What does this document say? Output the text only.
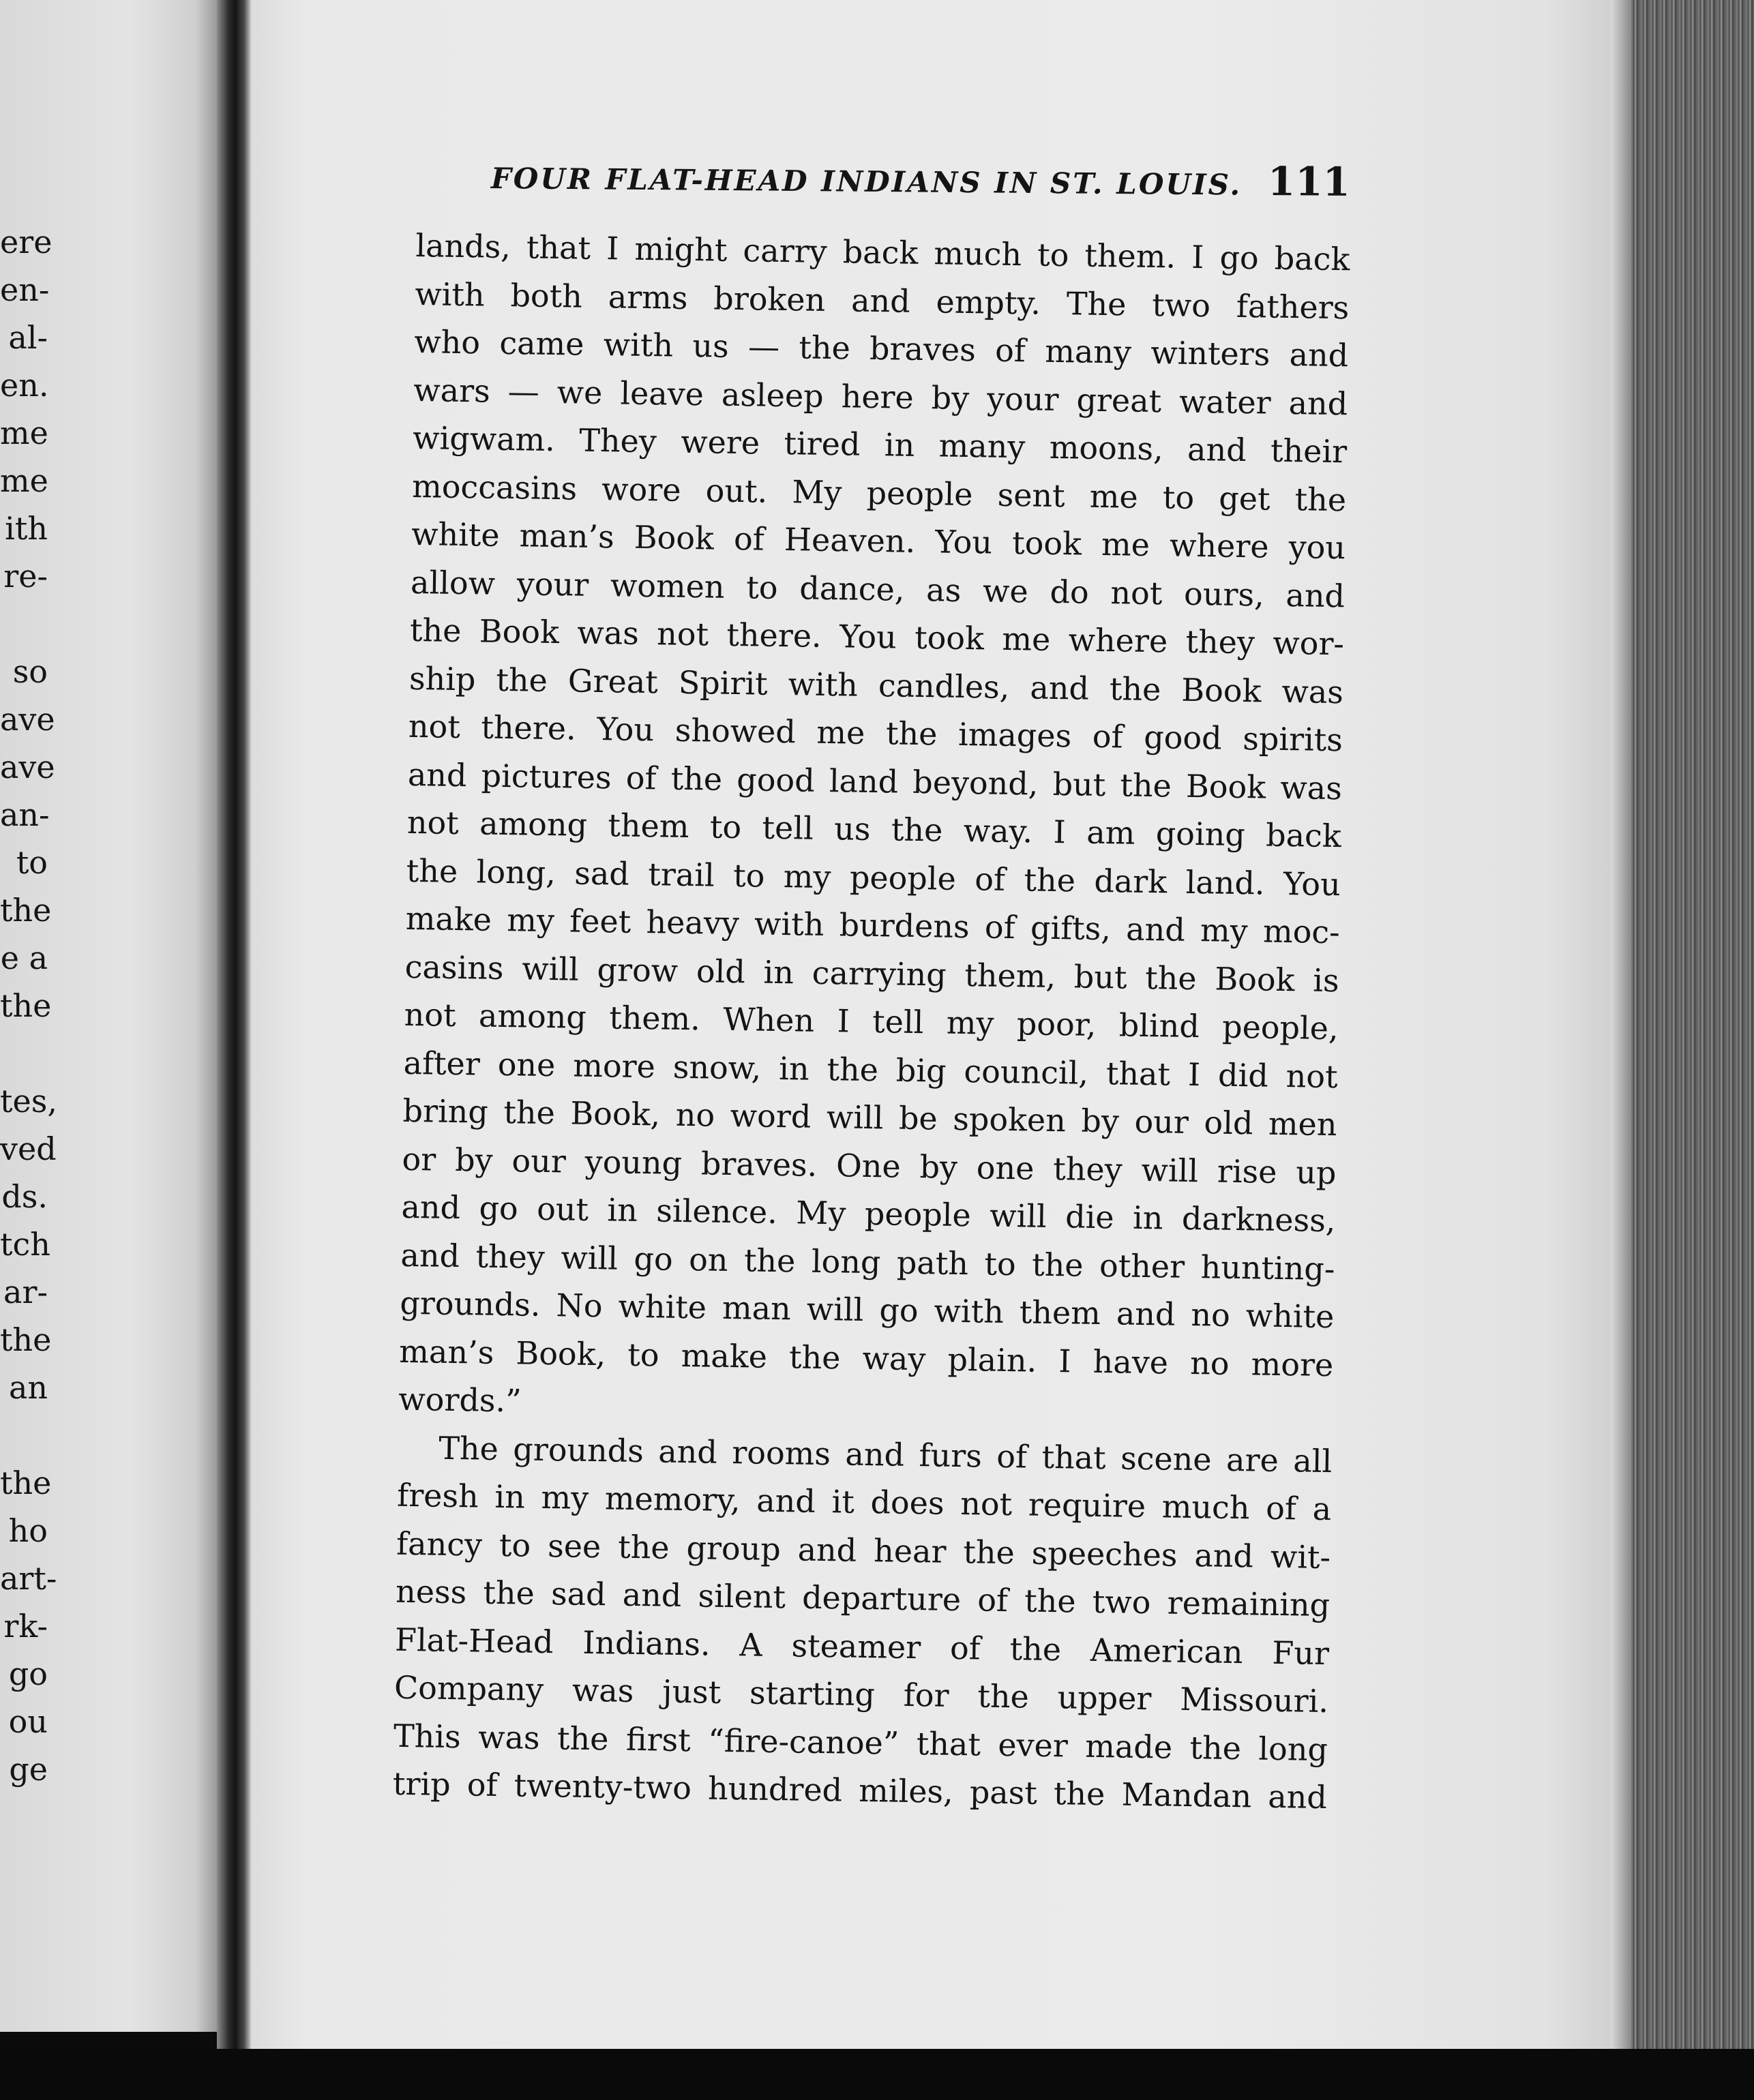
ere
en-
al-
en.
me
me
ith
re-
so
ave
ave
an-
to
the
e a
the
tes,
ved
ds.
tch
ar-
the
an
the
ho
art-
rk-
go
ou
ge
FOUR FLAT-HEAD INDIANS IN ST. LOUIS. 111
lands, that I might carry back much to them. I go back
with both arms broken and empty. The two fathers
who came with us — the braves of many winters and
wars — we leave asleep here by your great water and
wigwam. They were tired in many moons, and their
moccasins wore out. My people sent me to get the
white man’s Book of Heaven. You took me where you
allow your women to dance, as we do not ours, and
the Book was not there. You took me where they wor-
ship the Great Spirit with candles, and the Book was
not there. You showed me the images of good spirits
and pictures of the good land beyond, but the Book was
not among them to tell us the way. I am going back
the long, sad trail to my people of the dark land. You
make my feet heavy with burdens of gifts, and my moc-
casins will grow old in carrying them, but the Book is
not among them. When I tell my poor, blind people,
after one more snow, in the big council, that I did not
bring the Book, no word will be spoken by our old men
or by our young braves. One by one they will rise up
and go out in silence. My people will die in darkness,
and they will go on the long path to the other hunting-
grounds. No white man will go with them and no white
man’s Book, to make the way plain. I have no more
words.”
The grounds and rooms and furs of that scene are all
fresh in my memory, and it does not require much of a
fancy to see the group and hear the speeches and wit-
ness the sad and silent departure of the two remaining
Flat-Head Indians. A steamer of the American Fur
Company was just starting for the upper Missouri.
This was the first “fire-canoe” that ever made the long
trip of twenty-two hundred miles, past the Mandan and
